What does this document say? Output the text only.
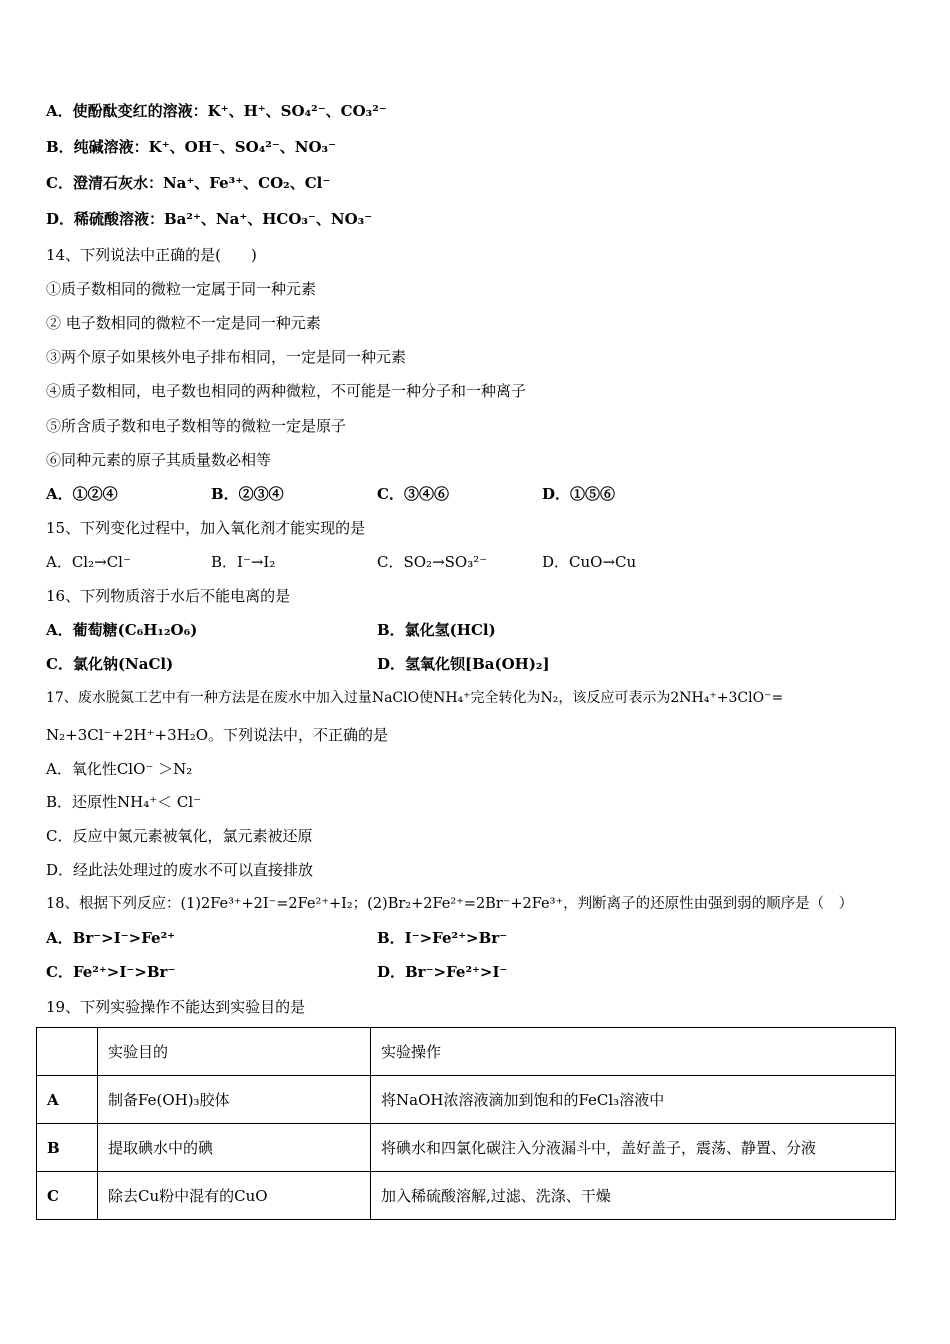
A．使酚酞变红的溶液：K⁺、H⁺、SO₄²⁻、CO₃²⁻
B．纯碱溶液：K⁺、OH⁻、SO₄²⁻、NO₃⁻
C．澄清石灰水：Na⁺、Fe³⁺、CO₂、Cl⁻
D．稀硫酸溶液：Ba²⁺、Na⁺、HCO₃⁻、NO₃⁻
14、下列说法中正确的是(　　)
①质子数相同的微粒一定属于同一种元素
② 电子数相同的微粒不一定是同一种元素
③两个原子如果核外电子排布相同，一定是同一种元素
④质子数相同，电子数也相同的两种微粒，不可能是一种分子和一种离子
⑤所含质子数和电子数相等的微粒一定是原子
⑥同种元素的原子其质量数必相等
A．①②④	B．②③④	C．③④⑥	D．①⑤⑥
15、下列变化过程中，加入氧化剂才能实现的是
A．Cl₂→Cl⁻	B．I⁻→I₂	C．SO₂→SO₃²⁻	D．CuO→Cu
16、下列物质溶于水后不能电离的是
A．葡萄糖(C₆H₁₂O₆)	B．氯化氢(HCl)
C．氯化钠(NaCl)	D．氢氧化钡[Ba(OH)₂]
17、废水脱氮工艺中有一种方法是在废水中加入过量NaClO使NH₄⁺完全转化为N₂，该反应可表示为2NH₄⁺+3ClO⁻=
N₂+3Cl⁻+2H⁺+3H₂O。下列说法中，不正确的是
A．氧化性ClO⁻ ＞N₂
B．还原性NH₄⁺＜ Cl⁻
C．反应中氮元素被氧化，氯元素被还原
D．经此法处理过的废水不可以直接排放
18、根据下列反应：(1)2Fe³⁺+2I⁻=2Fe²⁺+I₂；(2)Br₂+2Fe²⁺=2Br⁻+2Fe³⁺，判断离子的还原性由强到弱的顺序是（　）
A．Br⁻>I⁻>Fe²⁺	B．I⁻>Fe²⁺>Br⁻
C．Fe²⁺>I⁻>Br⁻	D．Br⁻>Fe²⁺>I⁻
19、下列实验操作不能达到实验目的是
	实验目的	实验操作
A	制备Fe(OH)₃胶体	将NaOH浓溶液滴加到饱和的FeCl₃溶液中
B	提取碘水中的碘	将碘水和四氯化碳注入分液漏斗中，盖好盖子，震荡、静置、分液
C	除去Cu粉中混有的CuO	加入稀硫酸溶解,过滤、洗涤、干燥
